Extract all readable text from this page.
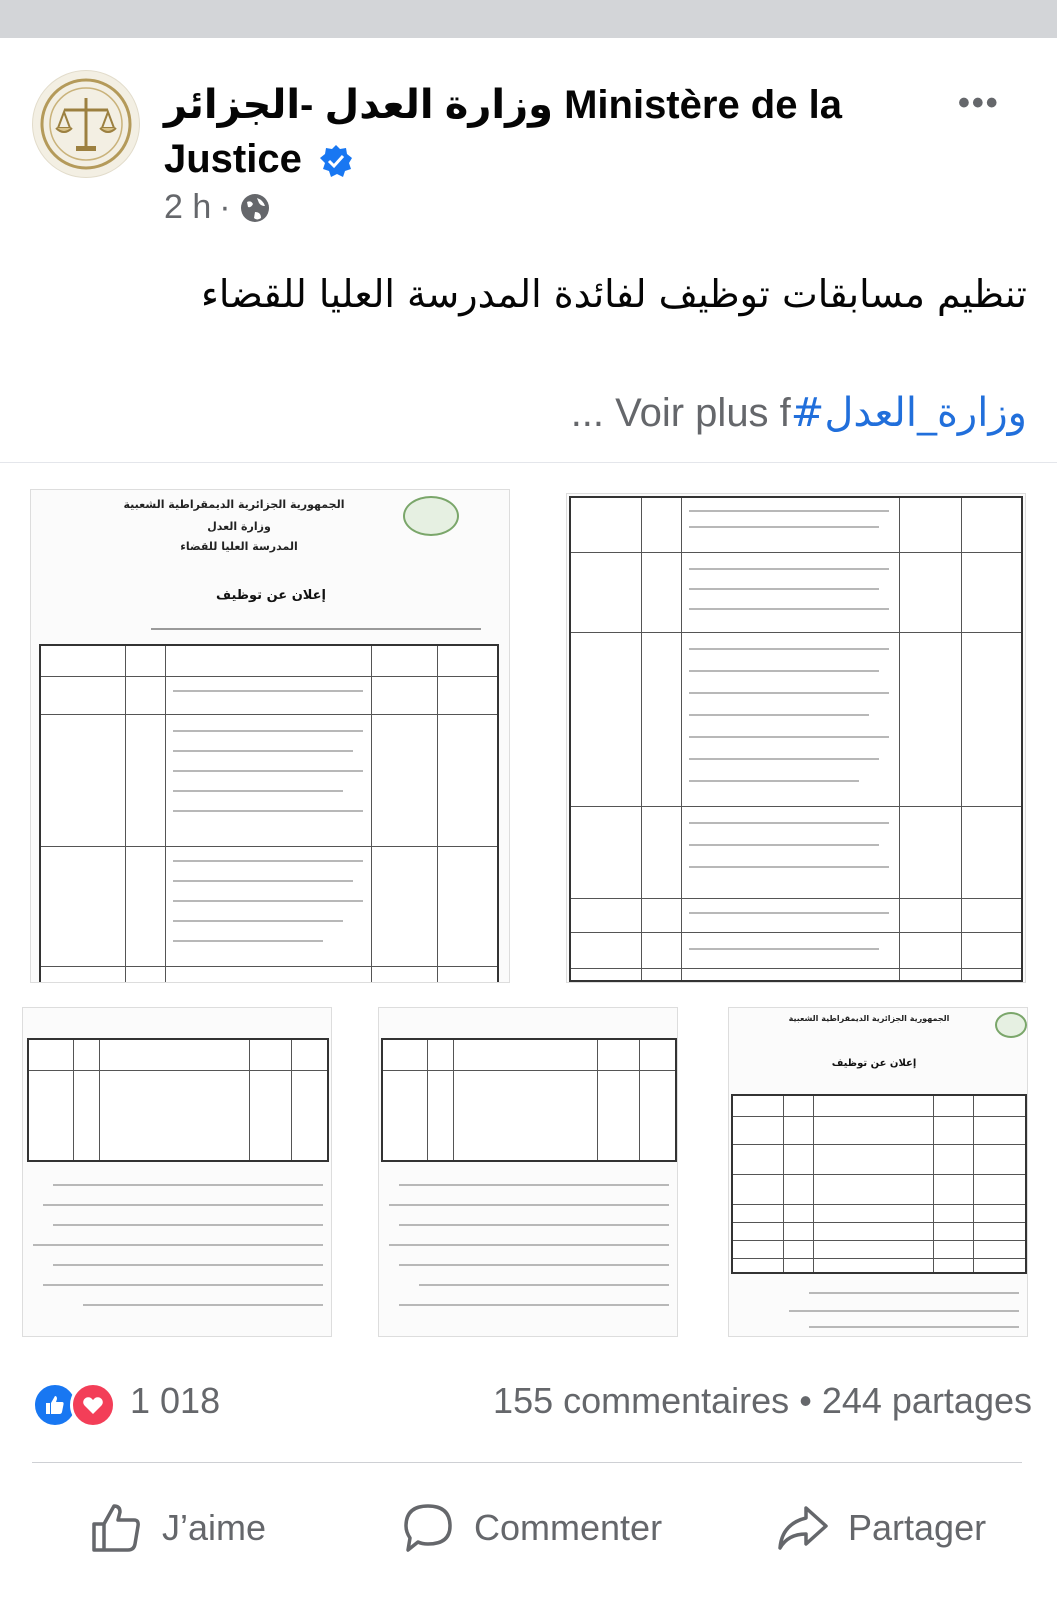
وزارة العدل -الجزائر Ministère de la Justice
2 h ·
•••
تنظيم مسابقات توظيف لفائدة المدرسة العليا للقضاء
... Voir plus f#وزارة_العدل
الجمهورية الجزائرية الديمقراطية الشعبية
وزارة العدل
المدرسة العليا للقضاء
إعلان عن توظيف
الجمهورية الجزائرية الديمقراطية الشعبية
إعلان عن توظيف
1 018	155 commentaires • 244 partages
J’aime	Commenter	Partager
